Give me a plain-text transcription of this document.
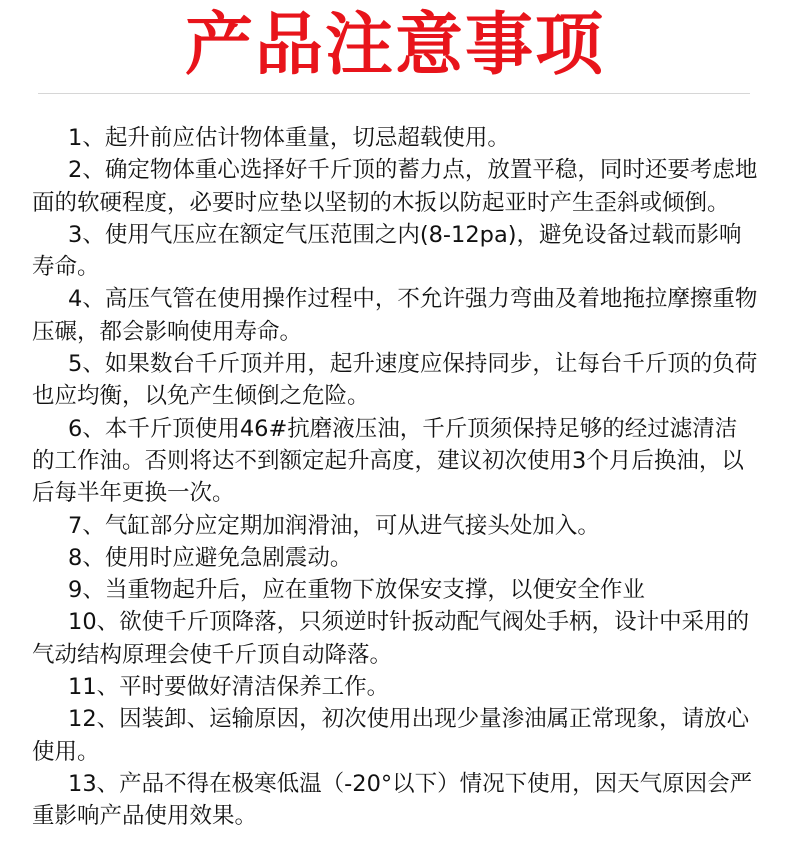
产品注意事项
1、起升前应估计物体重量，切忌超载使用。
2、确定物体重心选择好千斤顶的蓄力点，放置平稳，同时还要考虑地面的软硬程度，必要时应垫以坚韧的木扳以防起亚时产生歪斜或倾倒。
3、使用气压应在额定气压范围之内(8-12pa)，避免设备过载而影响寿命。
4、高压气管在使用操作过程中，不允许强力弯曲及着地拖拉摩擦重物压碾，都会影响使用寿命。
5、如果数台千斤顶并用，起升速度应保持同步，让每台千斤顶的负荷也应均衡，以免产生倾倒之危险。
6、本千斤顶使用46#抗磨液压油，千斤顶须保持足够的经过滤清洁的工作油。否则将达不到额定起升高度，建议初次使用3个月后换油，以后每半年更换一次。
7、气缸部分应定期加润滑油，可从进气接头处加入。
8、使用时应避免急剧震动。
9、当重物起升后，应在重物下放保安支撑，以便安全作业
10、欲使千斤顶降落，只须逆时针扳动配气阀处手柄，设计中采用的气动结构原理会使千斤顶自动降落。
11、平时要做好清洁保养工作。
12、因装卸、运输原因，初次使用出现少量渗油属正常现象，请放心使用。
13、产品不得在极寒低温（-20°以下）情况下使用，因天气原因会严重影响产品使用效果。
